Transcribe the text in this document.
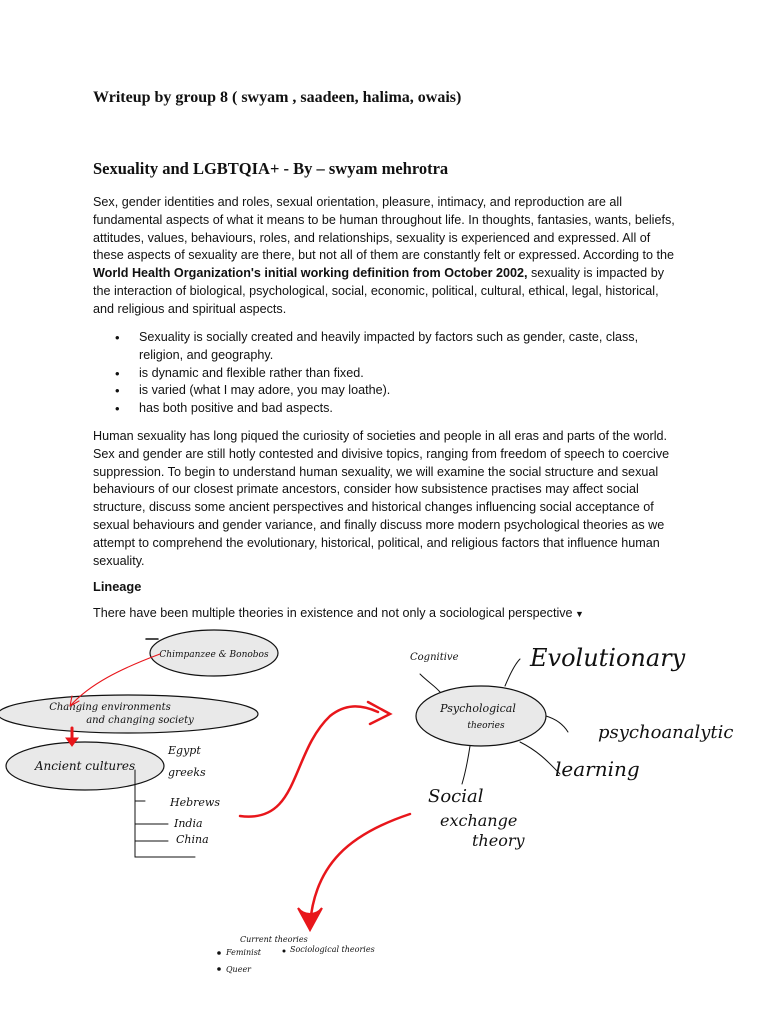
Writeup by group 8 ( swyam , saadeen, halima, owais)
Sexuality and LGBTQIA+ - By – swyam mehrotra

Sex, gender identities and roles, sexual orientation, pleasure, intimacy, and reproduction are all fundamental aspects of what it means to be human throughout life. In thoughts, fantasies, wants, beliefs, attitudes, values, behaviours, roles, and relationships, sexuality is experienced and expressed. All of these aspects of sexuality are there, but not all of them are constantly felt or expressed. According to the World Health Organization's initial working definition from October 2002, sexuality is impacted by the interaction of biological, psychological, social, economic, political, cultural, ethical, legal, historical, and religious and spiritual aspects.

• Sexuality is socially created and heavily impacted by factors such as gender, caste, class, religion, and geography.
• is dynamic and flexible rather than fixed.
• is varied (what I may adore, you may loathe).
• has both positive and bad aspects.

Human sexuality has long piqued the curiosity of societies and people in all eras and parts of the world. Sex and gender are still hotly contested and divisive topics, ranging from freedom of speech to coercive suppression. To begin to understand human sexuality, we will examine the social structure and sexual behaviours of our closest primate ancestors, consider how subsistence practises may affect social structure, discuss some ancient perspectives and historical changes influencing social acceptance of sexual behaviours and gender variance, and finally discuss more modern psychological theories as we attempt to comprehend the evolutionary, historical, political, and religious factors that influence human sexuality.

Lineage

There have been multiple theories in existence and not only a sociological perspective ▼

Chimpanzee & Bonobos
Changing environments
and changing society
Ancient cultures
Egypt
greeks
Hebrews
India
China
Psychological
theories
Cognitive	Evolutionary
psychoanalytic
learning
Social
exchange
theory
Current theories
Feminist	Sociological theories
Queer
